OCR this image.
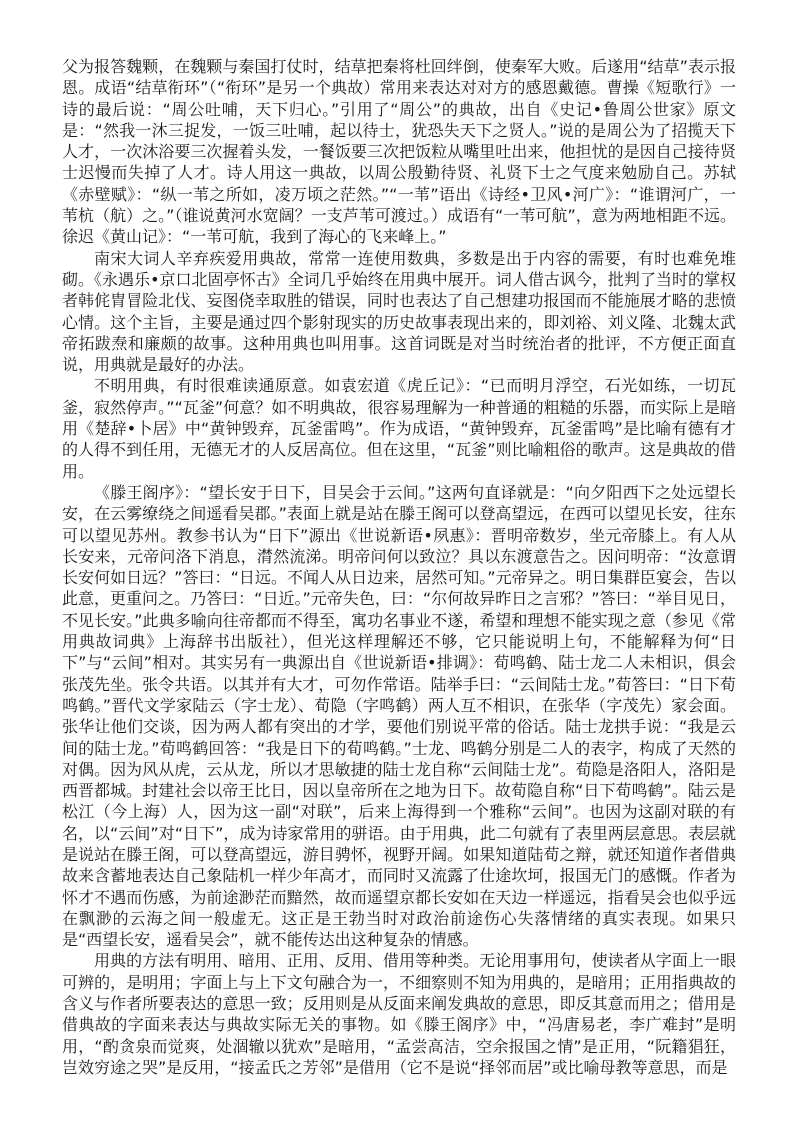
父为报答魏颗，在魏颗与秦国打仗时，结草把秦将杜回绊倒，使秦军大败。后遂用“结草”表示报恩。成语“结草衔环”（“衔环”是另一个典故）常用来表达对对方的感恩戴德。曹操《短歌行》一诗的最后说：“周公吐哺，天下归心。”引用了“周公”的典故，出自《史记•鲁周公世家》原文是：“然我一沐三捉发，一饭三吐哺，起以待士，犹恐失天下之贤人。”说的是周公为了招揽天下人才，一次沐浴要三次握着头发，一餐饭要三次把饭粒从嘴里吐出来，他担忧的是因自己接待贤士迟慢而失掉了人才。诗人用这一典故，以周公殷勤待贤、礼贤下士之气度来勉励自己。苏轼《赤壁赋》：“纵一苇之所如，凌万顷之茫然。”“一苇”语出《诗经•卫风•河广》：“谁谓河广，一苇杭（航）之。”（谁说黄河水宽阔？一支芦苇可渡过。）成语有“一苇可航”，意为两地相距不远。徐迟《黄山记》：“一苇可航，我到了海心的飞来峰上。”

南宋大词人辛弃疾爱用典故，常常一连使用数典，多数是出于内容的需要，有时也难免堆砌。《永遇乐•京口北固亭怀古》全词几乎始终在用典中展开。词人借古讽今，批判了当时的掌权者韩侂胄冒险北伐、妄图侥幸取胜的错误，同时也表达了自己想建功报国而不能施展才略的悲愤心情。这个主旨，主要是通过四个影射现实的历史故事表现出来的，即刘裕、刘义隆、北魏太武帝拓跋焘和廉颇的故事。这种用典也叫用事。这首词既是对当时统治者的批评，不方便正面直说，用典就是最好的办法。

不明用典，有时很难读通原意。如袁宏道《虎丘记》：“已而明月浮空，石光如练，一切瓦釜，寂然停声。”“瓦釜”何意？如不明典故，很容易理解为一种普通的粗糙的乐器，而实际上是暗用《楚辞•卜居》中“黄钟毁弃，瓦釜雷鸣”。作为成语，“黄钟毁弃，瓦釜雷鸣”是比喻有德有才的人得不到任用，无德无才的人反居高位。但在这里，“瓦釜”则比喻粗俗的歌声。这是典故的借用。

《滕王阁序》：“望长安于日下，目吴会于云间。”这两句直译就是：“向夕阳西下之处远望长安，在云雾缭绕之间遥看吴郡。”表面上就是站在滕王阁可以登高望远，在西可以望见长安，往东可以望见苏州。教参书认为“日下”源出《世说新语•夙惠》：晋明帝数岁，坐元帝膝上。有人从长安来，元帝问洛下消息，潸然流涕。明帝问何以致泣？具以东渡意告之。因问明帝：“汝意谓长安何如日远？”答曰：“日远。不闻人从日边来，居然可知。”元帝异之。明日集群臣宴会，告以此意，更重问之。乃答曰：“日近。”元帝失色，曰：“尔何故异昨日之言邪？”答曰：“举目见日，不见长安。”此典多喻向往帝都而不得至，寓功名事业不遂，希望和理想不能实现之意（参见《常用典故词典》上海辞书出版社），但光这样理解还不够，它只能说明上句，不能解释为何“日下”与“云间”相对。其实另有一典源出自《世说新语•排调》：荀鸣鹤、陆士龙二人未相识，俱会张茂先坐。张令共语。以其并有大才，可勿作常语。陆举手曰：“云间陆士龙。”荀答曰：“日下荀鸣鹤。”晋代文学家陆云（字士龙）、荀隐（字鸣鹤）两人互不相识，在张华（字茂先）家会面。张华让他们交谈，因为两人都有突出的才学，要他们别说平常的俗话。陆士龙拱手说：“我是云间的陆士龙。”荀鸣鹤回答：“我是日下的荀鸣鹤。”士龙、鸣鹤分别是二人的表字，构成了天然的对偶。因为风从虎，云从龙，所以才思敏捷的陆士龙自称“云间陆士龙”。荀隐是洛阳人，洛阳是西晋都城。封建社会以帝王比日，因以皇帝所在之地为日下。故荀隐自称“日下荀鸣鹤”。陆云是松江（今上海）人，因为这一副“对联”，后来上海得到一个雅称“云间”。也因为这副对联的有名，以“云间”对“日下”，成为诗家常用的骈语。由于用典，此二句就有了表里两层意思。表层就是说站在滕王阁，可以登高望远，游目骋怀，视野开阔。如果知道陆荀之辩，就还知道作者借典故来含蓄地表达自己象陆机一样少年高才，而同时又流露了仕途坎坷，报国无门的感慨。作者为怀才不遇而伤感，为前途渺茫而黯然，故而遥望京都长安如在天边一样遥远，指看吴会也似乎远在飘渺的云海之间一般虚无。这正是王勃当时对政治前途伤心失落情绪的真实表现。如果只是“西望长安，遥看吴会”，就不能传达出这种复杂的情感。

用典的方法有明用、暗用、正用、反用、借用等种类。无论用事用句，使读者从字面上一眼可辨的，是明用；字面上与上下文句融合为一，不细察则不知为用典的，是暗用；正用指典故的含义与作者所要表达的意思一致；反用则是从反面来阐发典故的意思，即反其意而用之；借用是借典故的字面来表达与典故实际无关的事物。如《滕王阁序》中，“冯唐易老，李广难封”是明用，“酌贪泉而觉爽，处涸辙以犹欢”是暗用，“孟尝高洁，空余报国之情”是正用，“阮籍猖狂，岂效穷途之哭”是反用，“接孟氏之芳邻”是借用（它不是说“择邻而居”或比喻母教等意思，而是
